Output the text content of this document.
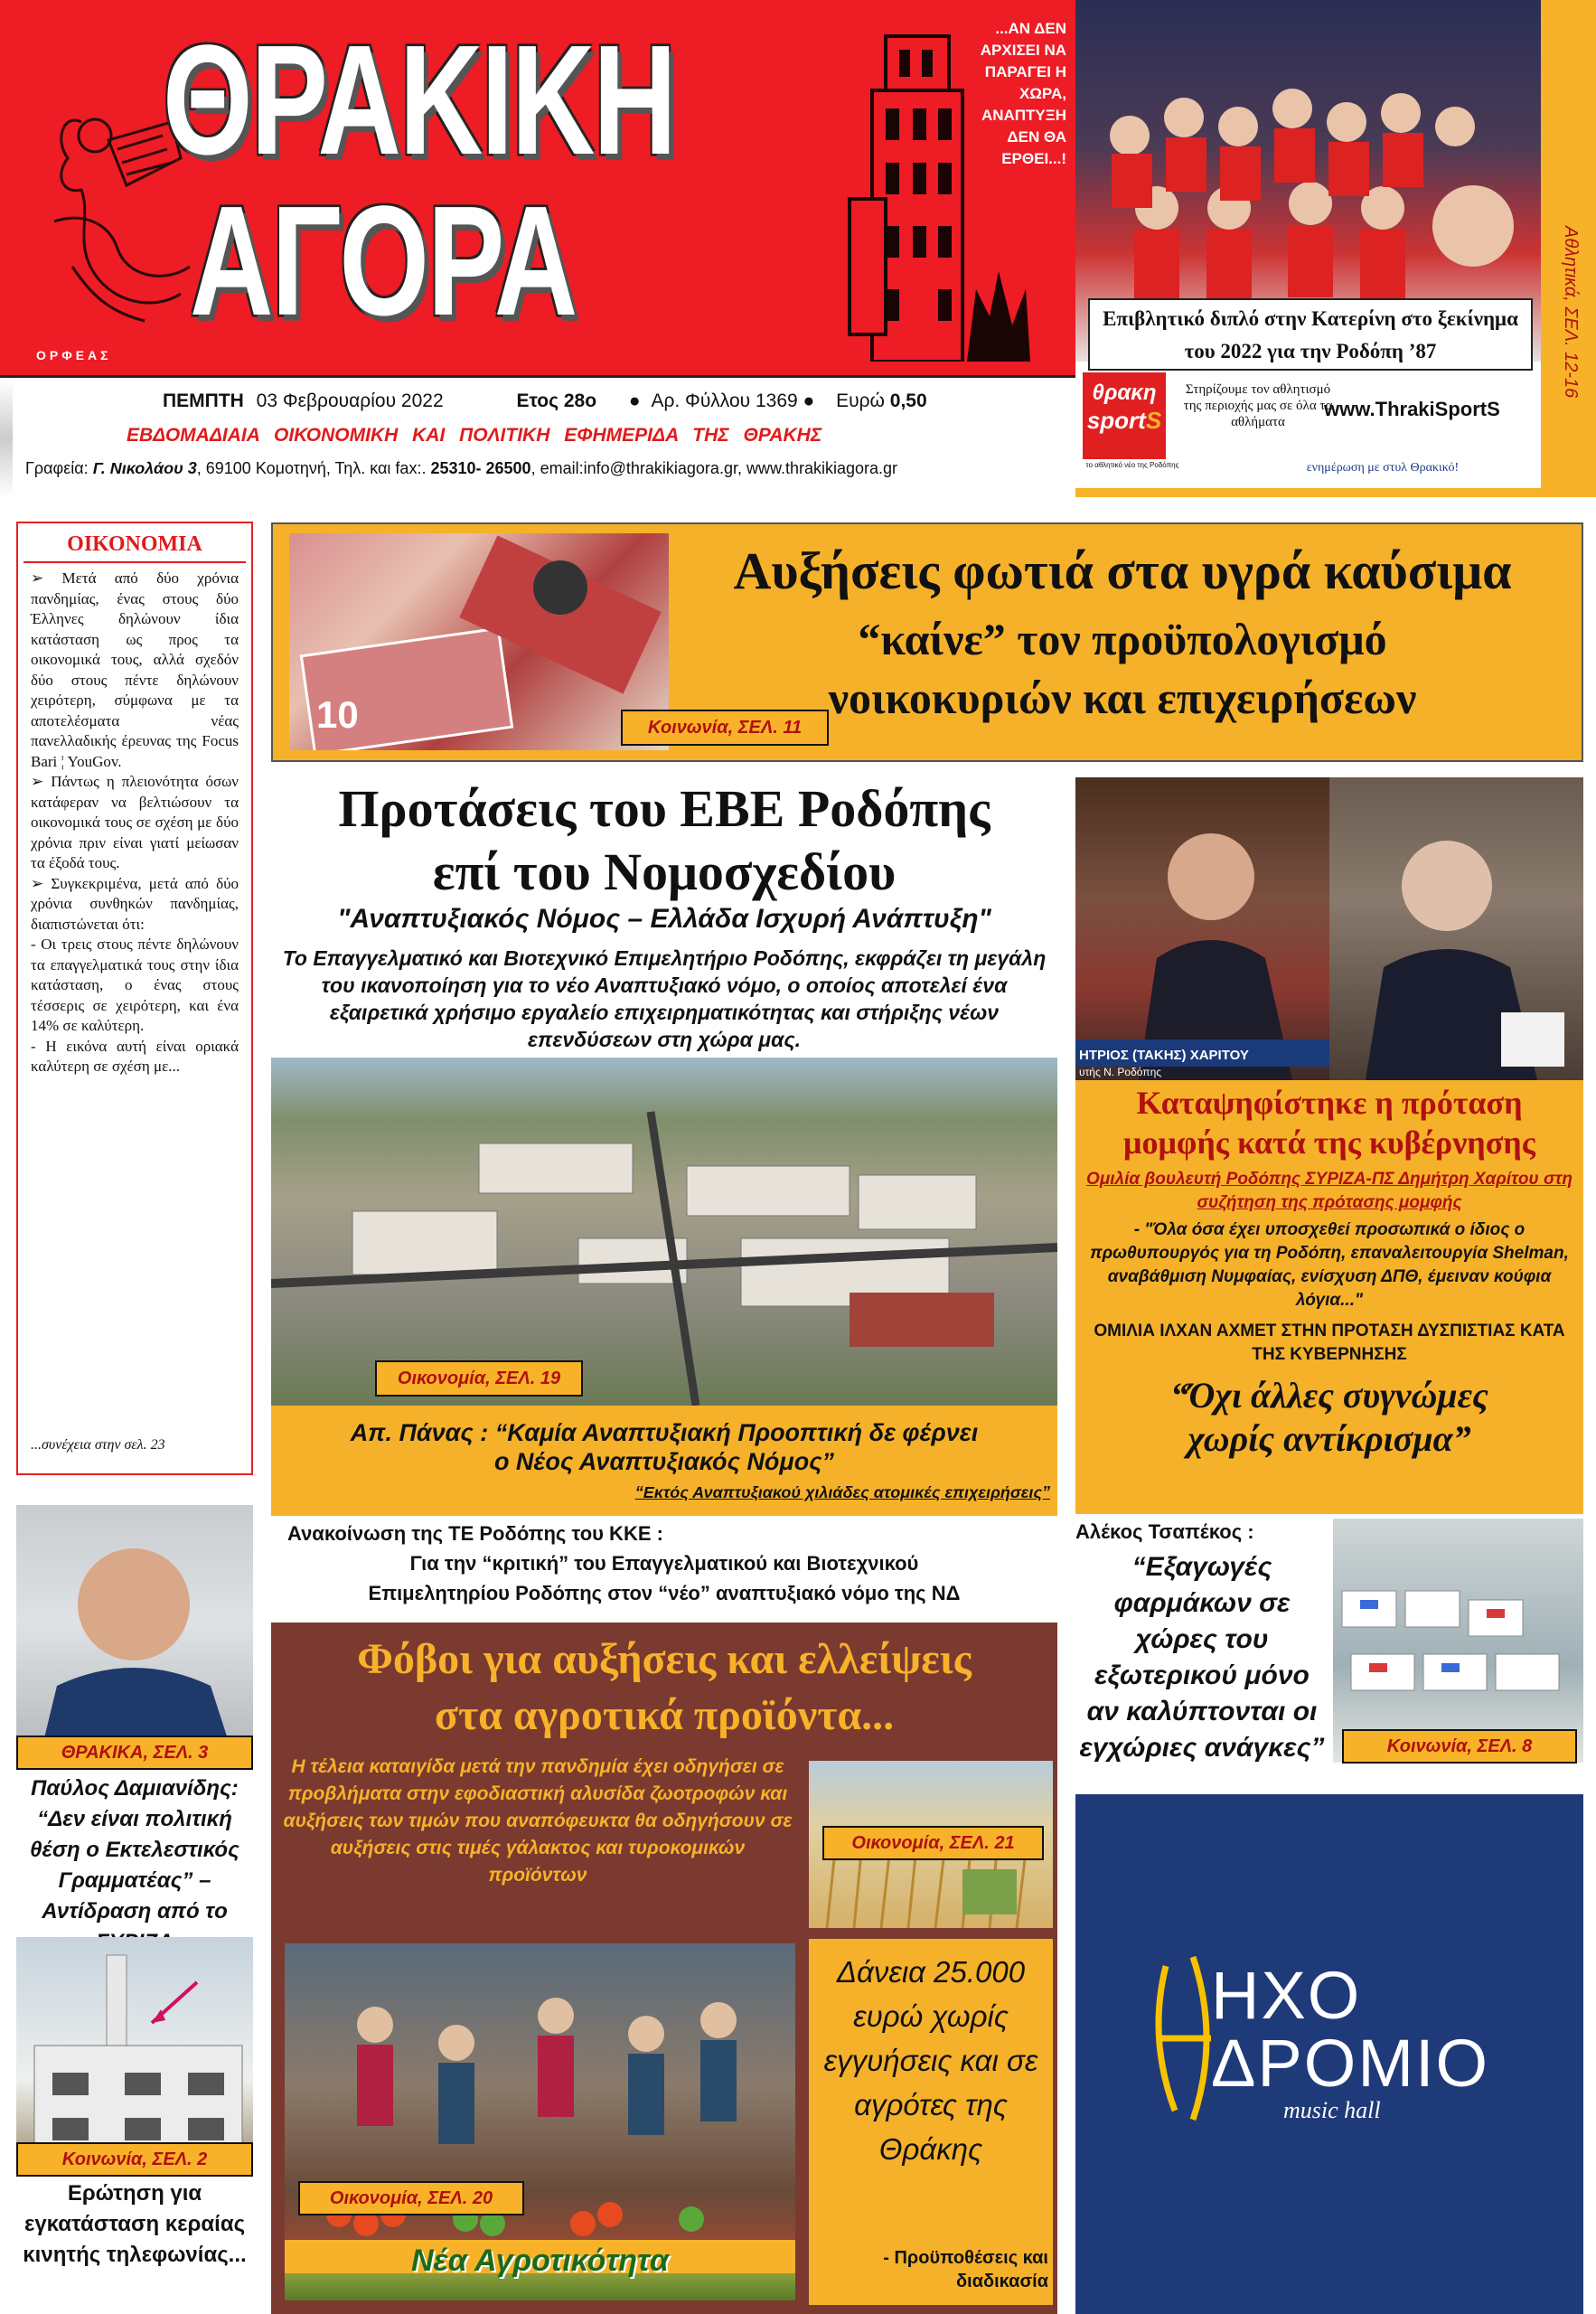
ΟΡΦΕΑΣ
ΘΡΑΚΙΚΗ
ΑΓΟΡΑ
...ΑΝ ΔΕΝ ΑΡΧΙΣΕΙ ΝΑ ΠΑΡΑΓΕΙ Η ΧΩΡΑ, ΑΝΑΠΤΥΞΗ ΔΕΝ ΘΑ ΕΡΘΕΙ...!
ΠΕΜΠΤΗ 03 Φεβρουαρίου 2022	Ετος 28ο ● Αρ. Φύλλου 1369 ● Ευρώ 0,50
ΕΒΔΟΜΑΔΙΑΙΑ ΟΙΚΟΝΟΜΙΚΗ ΚΑΙ ΠΟΛΙΤΙΚΗ ΕΦΗΜΕΡΙΔΑ ΤΗΣ ΘΡΑΚΗΣ
Γραφεία: Γ. Νικολάου 3, 69100 Κομοτηνή, Τηλ. και fax:. 25310- 26500, email:info@thrakikiagora.gr, www.thrakikiagora.gr
θρακη
sportS
το αθλητικό νέο της Ροδόπης
Στηρίζουμε τον αθλητισμό της περιοχής μας σε όλα τα αθλήματα
www.ThrakiSportS
ενημέρωση με στυλ Θρακικό!
Επιβλητικό διπλό στην Κατερίνη στο ξεκίνημα του 2022 για την Ροδόπη ’87	Αθλητικά, ΣΕΛ. 12-16
ΟΙΚΟΝΟΜΙΑ

➢ Μετά από δύο χρόνια πανδημίας, ένας στους δύο Έλληνες δηλώνουν ίδια κατάσταση ως προς τα οικονομικά τους, αλλά σχεδόν δύο στους πέντε δηλώνουν χειρότερη, σύμφωνα με τα αποτελέσματα νέας πανελλαδικής έρευνας της Focus Bari ¦ YouGov.

➢ Πάντως η πλειονότητα όσων κατάφεραν να βελτιώσουν τα οικονομικά τους σε σχέση με δύο χρόνια πριν είναι γιατί μείωσαν τα έξοδά τους.

➢ Συγκεκριμένα, μετά από δύο χρόνια συνθηκών πανδημίας, διαπιστώνεται ότι:

- Οι τρεις στους πέντε δηλώνουν τα επαγγελματικά τους στην ίδια κατάσταση, ο ένας στους τέσσερις σε χειρότερη, και ένα 14% σε καλύτερη.

- Η εικόνα αυτή είναι οριακά καλύτερη σε σχέση με...

...συνέχεια στην σελ. 23
10
Αυξήσεις φωτιά στα υγρά καύσιμα
“καίνε” τον προϋπολογισμό
νοικοκυριών και επιχειρήσεων
Κοινωνία, ΣΕΛ. 11
Προτάσεις του ΕΒΕ Ροδόπης
επί του Νομοσχεδίου
"Αναπτυξιακός Νόμος – Ελλάδα Ισχυρή Ανάπτυξη"
Το Επαγγελματικό και Βιοτεχνικό Επιμελητήριο Ροδόπης, εκφράζει τη μεγάλη του ικανοποίηση για το νέο Αναπτυξιακό νόμο, ο οποίος αποτελεί ένα εξαιρετικά χρήσιμο εργαλείο επιχειρηματικότητας και στήριξης νέων επενδύσεων στη χώρα μας.
Οικονομία, ΣΕΛ. 19
Απ. Πάνας : “Καμία Αναπτυξιακή Προοπτική δε φέρνει
ο Νέος Αναπτυξιακός Νόμος”
“Εκτός Αναπτυξιακού χιλιάδες ατομικές επιχειρήσεις”
Ανακοίνωση της ΤΕ Ροδόπης του ΚΚΕ :
Για την “κριτική” του Επαγγελματικού και Βιοτεχνικού
Επιμελητηρίου Ροδόπης στον “νέο” αναπτυξιακό νόμο της ΝΔ
ΗΤΡΙΟΣ (ΤΑΚΗΣ) ΧΑΡΙΤΟΥ
υτής Ν. Ροδόπης
Καταψηφίστηκε η πρόταση
μομφής κατά της κυβέρνησης
Ομιλία βουλευτή Ροδόπης ΣΥΡΙΖΑ-ΠΣ Δημήτρη Χαρίτου στη συζήτηση της πρότασης μομφής
- "Όλα όσα έχει υποσχεθεί προσωπικά ο ίδιος ο πρωθυπουργός για τη Ροδόπη, επαναλειτουργία Shelman, αναβάθμιση Νυμφαίας, ενίσχυση ΔΠΘ, έμειναν κούφια λόγια..."
ΟΜΙΛΙΑ ΙΛΧΑΝ ΑΧΜΕΤ ΣΤΗΝ ΠΡΟΤΑΣΗ ΔΥΣΠΙΣΤΙΑΣ ΚΑΤΑ ΤΗΣ ΚΥΒΕΡΝΗΣΗΣ
“Όχι άλλες συγνώμες
χωρίς αντίκρισμα”
Αλέκος Τσαπέκος :
“Εξαγωγές φαρμάκων σε χώρες του εξωτερικού μόνο αν καλύπτονται οι εγχώριες ανάγκες”	Κοινωνία, ΣΕΛ. 8
ΘΡΑΚΙΚΑ, ΣΕΛ. 3
Παύλος Δαμιανίδης: “Δεν είναι πολιτική θέση ο Εκτελεστικός Γραμματέας” – Αντίδραση από το
Κοινωνία, ΣΕΛ. 2
Ερώτηση για εγκατάσταση κεραίας κινητής τηλεφωνίας...
Φόβοι για αυξήσεις και ελλείψεις
στα αγροτικά προϊόντα...
Η τέλεια καταιγίδα μετά την πανδημία έχει οδηγήσει σε προβλήματα στην εφοδιαστική αλυσίδα ζωοτροφών και αυξήσεις των τιμών που αναπόφευκτα θα οδηγήσουν σε αυξήσεις στις τιμές γάλακτος και τυροκομικών προϊόντων
Οικονομία, ΣΕΛ. 21
Οικονομία, ΣΕΛ. 20
Νέα Αγροτικότητα
Δάνεια 25.000 ευρώ χωρίς εγγυήσεις και σε αγρότες της Θράκης
- Προϋποθέσεις και διαδικασία
ΗΧΟ
ΔΡΟΜΙΟ
music hall
